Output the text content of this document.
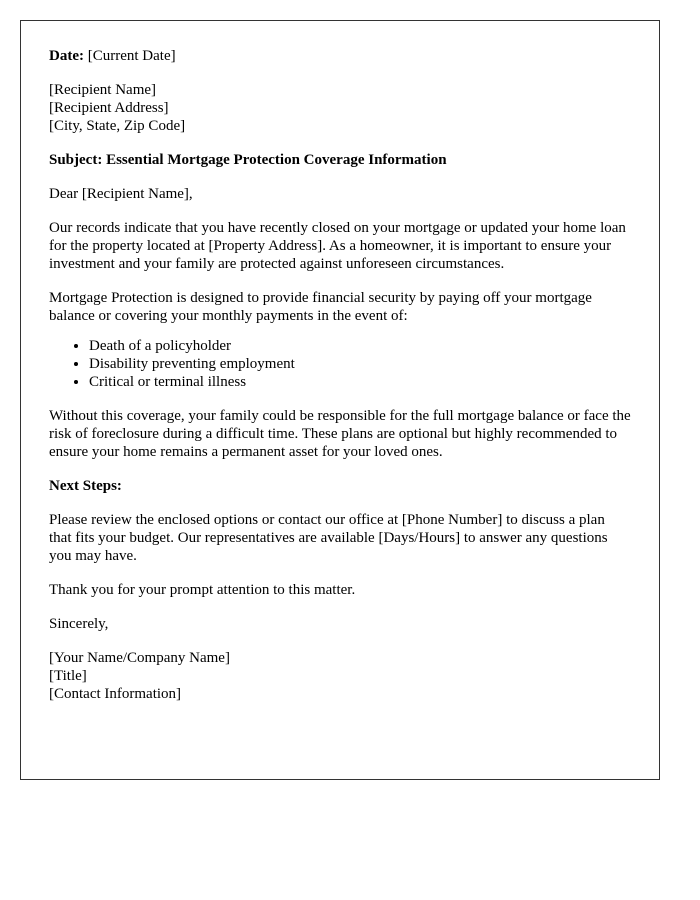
Date: [Current Date]
[Recipient Name]
[Recipient Address]
[City, State, Zip Code]
Subject: Essential Mortgage Protection Coverage Information
Dear [Recipient Name],
Our records indicate that you have recently closed on your mortgage or updated your home loan for the property located at [Property Address]. As a homeowner, it is important to ensure your investment and your family are protected against unforeseen circumstances.
Mortgage Protection is designed to provide financial security by paying off your mortgage balance or covering your monthly payments in the event of:
• Death of a policyholder
• Disability preventing employment
• Critical or terminal illness
Without this coverage, your family could be responsible for the full mortgage balance or face the risk of foreclosure during a difficult time. These plans are optional but highly recommended to ensure your home remains a permanent asset for your loved ones.
Next Steps:
Please review the enclosed options or contact our office at [Phone Number] to discuss a plan that fits your budget. Our representatives are available [Days/Hours] to answer any questions you may have.
Thank you for your prompt attention to this matter.
Sincerely,
[Your Name/Company Name]
[Title]
[Contact Information]
